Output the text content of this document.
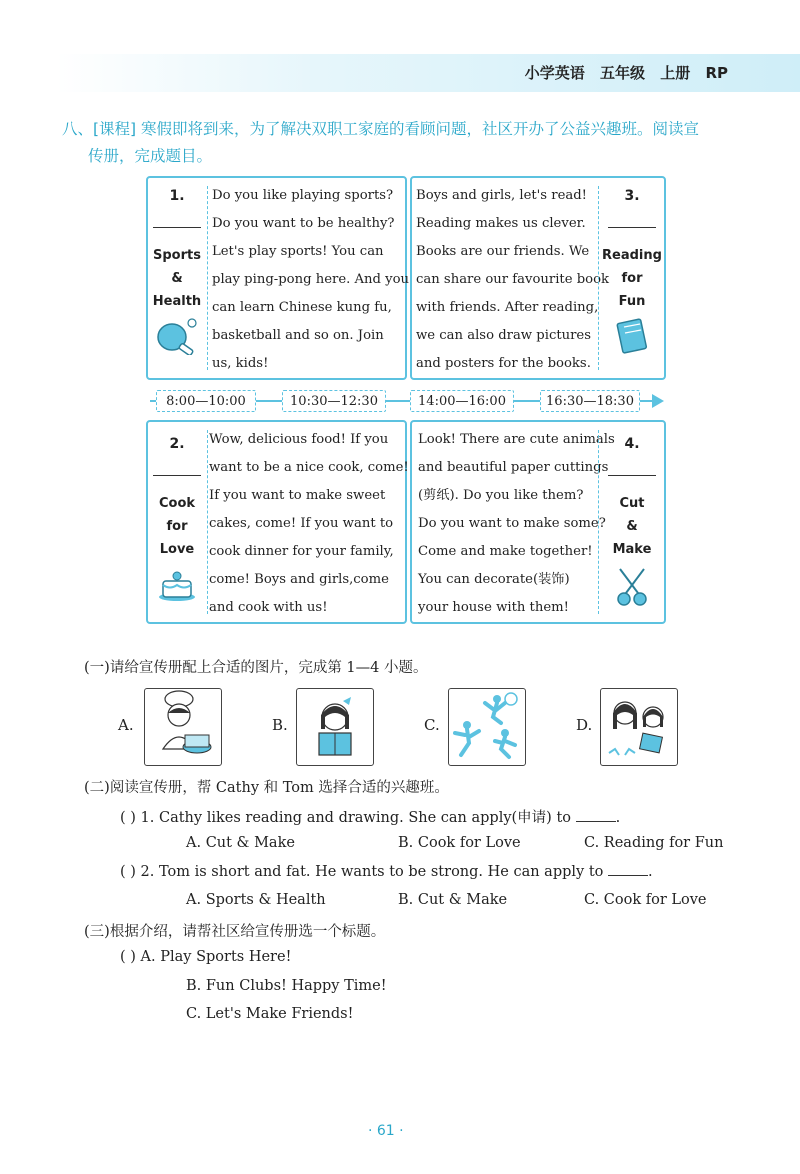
小学英语 五年级 上册 RP
八、[课程] 寒假即将到来，为了解决双职工家庭的看顾问题，社区开办了公益兴趣班。阅读宣
传册，完成题目。
1.
Sports
&
Health
Do you like playing sports?
Do you want to be healthy?
Let's play sports! You can
play ping-pong here. And you
can learn Chinese kung fu,
basketball and so on. Join
us, kids!
Boys and girls, let's read!
Reading makes us clever.
Books are our friends. We
can share our favourite book
with friends. After reading,
we can also draw pictures
and posters for the books.
3.
Reading
for
Fun
8:00—10:00	10:30—12:30	14:00—16:00	16:30—18:30
2.
Cook
for
Love
Wow, delicious food! If you
want to be a nice cook, come!
If you want to make sweet
cakes, come! If you want to
cook dinner for your family,
come! Boys and girls,come
and cook with us!
Look! There are cute animals
and beautiful paper cuttings
(剪纸). Do you like them?
Do you want to make some?
Come and make together!
You can decorate(装饰)
your house with them!
4.
Cut
&
Make
(一)请给宣传册配上合适的图片，完成第 1—4 小题。
A.	B.	C.	D.
(二)阅读宣传册，帮 Cathy 和 Tom 选择合适的兴趣班。
( ) 1. Cathy likes reading and drawing. She can apply(申请) to	.
A. Cut & Make	B. Cook for Love	C. Reading for Fun
( ) 2. Tom is short and fat. He wants to be strong. He can apply to	.
A. Sports & Health	B. Cut & Make	C. Cook for Love
(三)根据介绍，请帮社区给宣传册选一个标题。
( ) A. Play Sports Here!
B. Fun Clubs! Happy Time!
C. Let's Make Friends!
· 61 ·
